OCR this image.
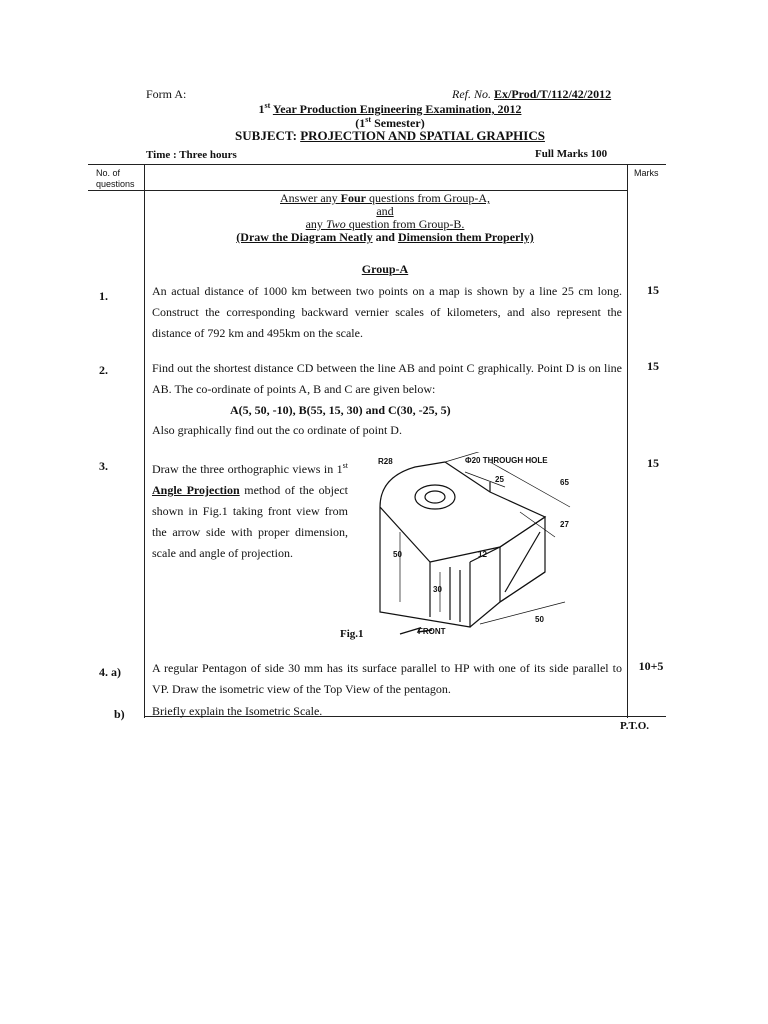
Form A:	Ref. No. Ex/Prod/T/112/42/2012
1st Year Production Engineering Examination, 2012
(1st Semester)
SUBJECT: PROJECTION AND SPATIAL GRAPHICS
Time : Three hours	Full Marks 100
No. of questions
Marks
Answer any Four questions from Group-A,
and
any Two question from Group-B.
(Draw the Diagram Neatly and Dimension them Properly)
Group-A
1.	An actual distance of 1000 km between two points on a map is shown by a line 25 cm long. Construct the corresponding backward vernier scales of kilometers, and also represent the distance of 792 km and 495km on the scale.
15
2.	Find out the shortest distance CD between the line AB and point C graphically. Point D is on line AB. The co-ordinate of points A, B and C are given below:
A(5, 50, -10), B(55, 15, 30) and C(30, -25, 5)
Also graphically find out the co ordinate of point D.
15
3.	Draw the three orthographic views in 1st Angle Projection method of the object shown in Fig.1 taking front view from the arrow side with proper dimension, scale and angle of projection.
15
R28	Φ20 THROUGH HOLE
25	65
27
12
50
30
50
Fig.1	FRONT
4. a)	A regular Pentagon of side 30 mm has its surface parallel to HP with one of its side parallel to VP. Draw the isometric view of the Top View of the pentagon.
10+5
b) Briefly explain the Isometric Scale.
P.T.O.
